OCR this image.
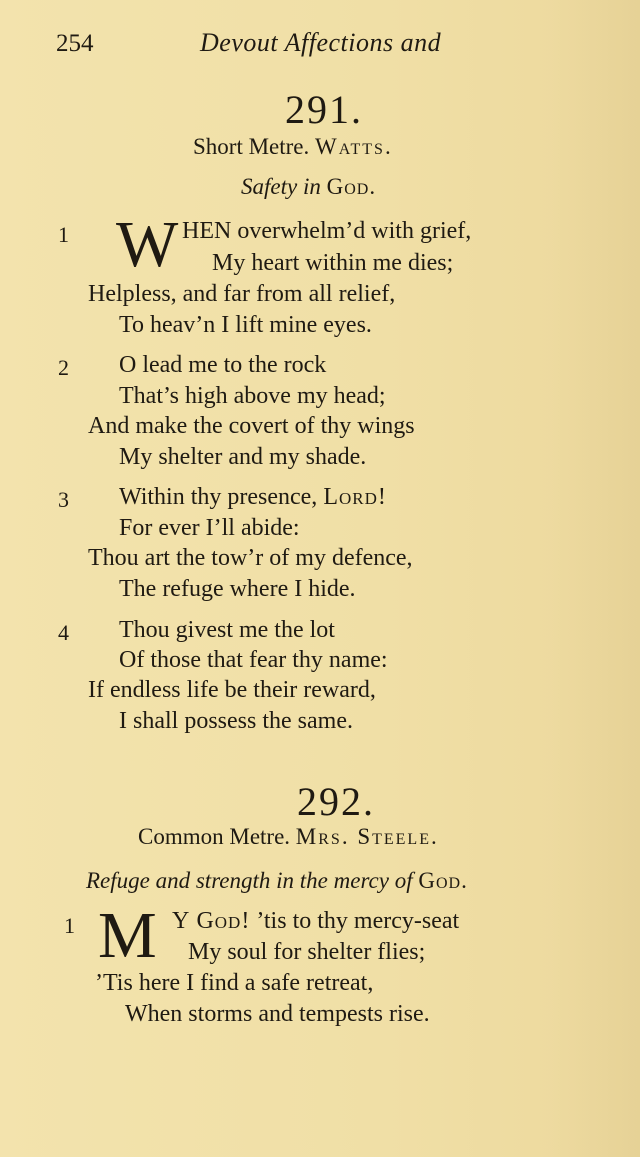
254	Devout Affections and
291.
Short Metre. Watts.
Safety in God.
1 W HEN overwhelm’d with grief,
My heart within me dies;
Helpless, and far from all relief,
To heav’n I lift mine eyes.
2 O lead me to the rock
That’s high above my head;
And make the covert of thy wings
My shelter and my shade.
3 Within thy presence, Lord!
For ever I’ll abide:
Thou art the tow’r of my defence,
The refuge where I hide.
4 Thou givest me the lot
Of those that fear thy name:
If endless life be their reward,
I shall possess the same.
292.
Common Metre. Mrs. Steele.
Refuge and strength in the mercy of God.
1 M Y God! ’tis to thy mercy-seat
My soul for shelter flies;
’Tis here I find a safe retreat,
When storms and tempests rise.
